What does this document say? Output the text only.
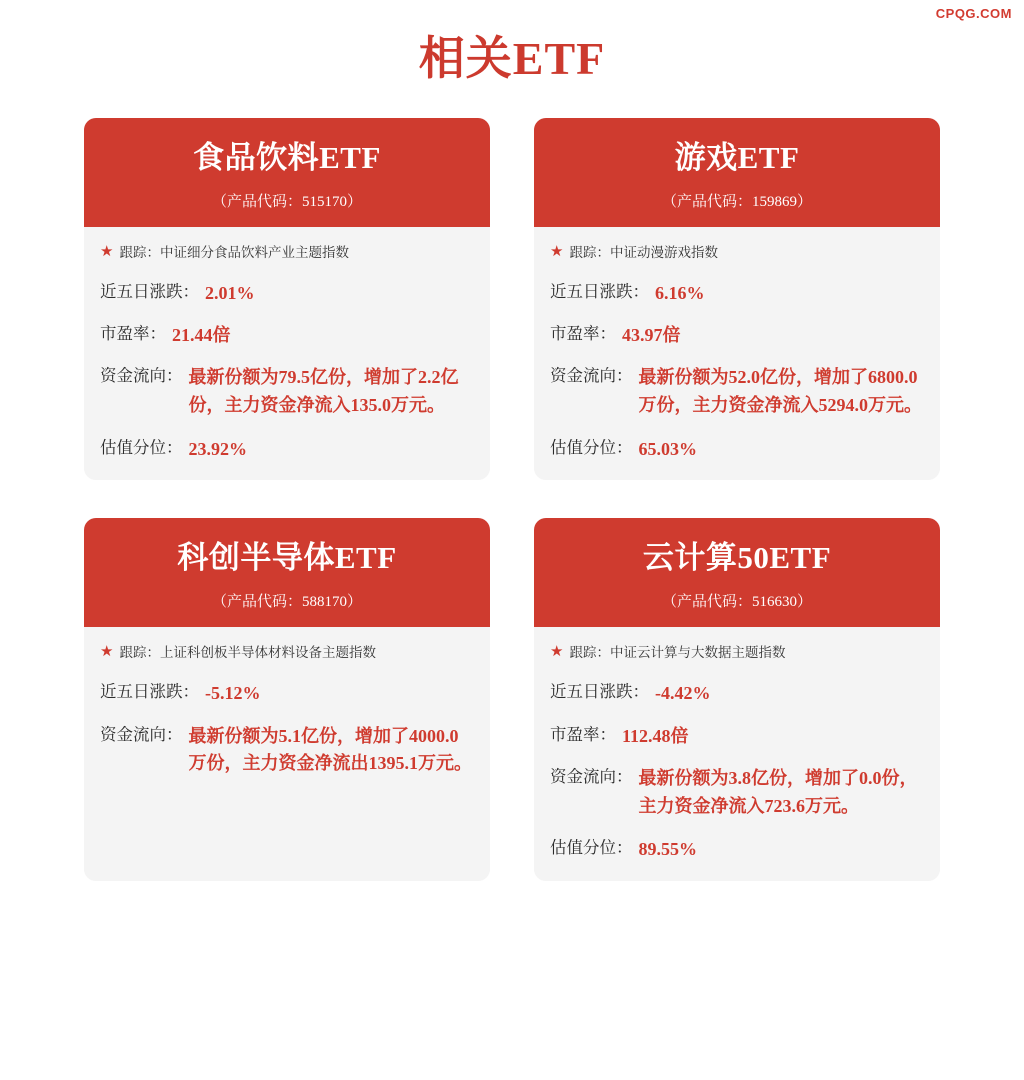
CPQG.COM
相关ETF
食品饮料ETF
（产品代码：515170）
★ 跟踪： 中证细分食品饮料产业主题指数
近五日涨跌： 2.01%
市盈率： 21.44倍
资金流向： 最新份额为79.5亿份，增加了2.2亿份，主力资金净流入135.0万元。
估值分位： 23.92%
游戏ETF
（产品代码：159869）
★ 跟踪： 中证动漫游戏指数
近五日涨跌： 6.16%
市盈率： 43.97倍
资金流向： 最新份额为52.0亿份，增加了6800.0万份，主力资金净流入5294.0万元。
估值分位： 65.03%
科创半导体ETF
（产品代码：588170）
★ 跟踪： 上证科创板半导体材料设备主题指数
近五日涨跌： -5.12%
资金流向： 最新份额为5.1亿份，增加了4000.0万份，主力资金净流出1395.1万元。
云计算50ETF
（产品代码：516630）
★ 跟踪： 中证云计算与大数据主题指数
近五日涨跌： -4.42%
市盈率： 112.48倍
资金流向： 最新份额为3.8亿份，增加了0.0份，主力资金净流入723.6万元。
估值分位： 89.55%
